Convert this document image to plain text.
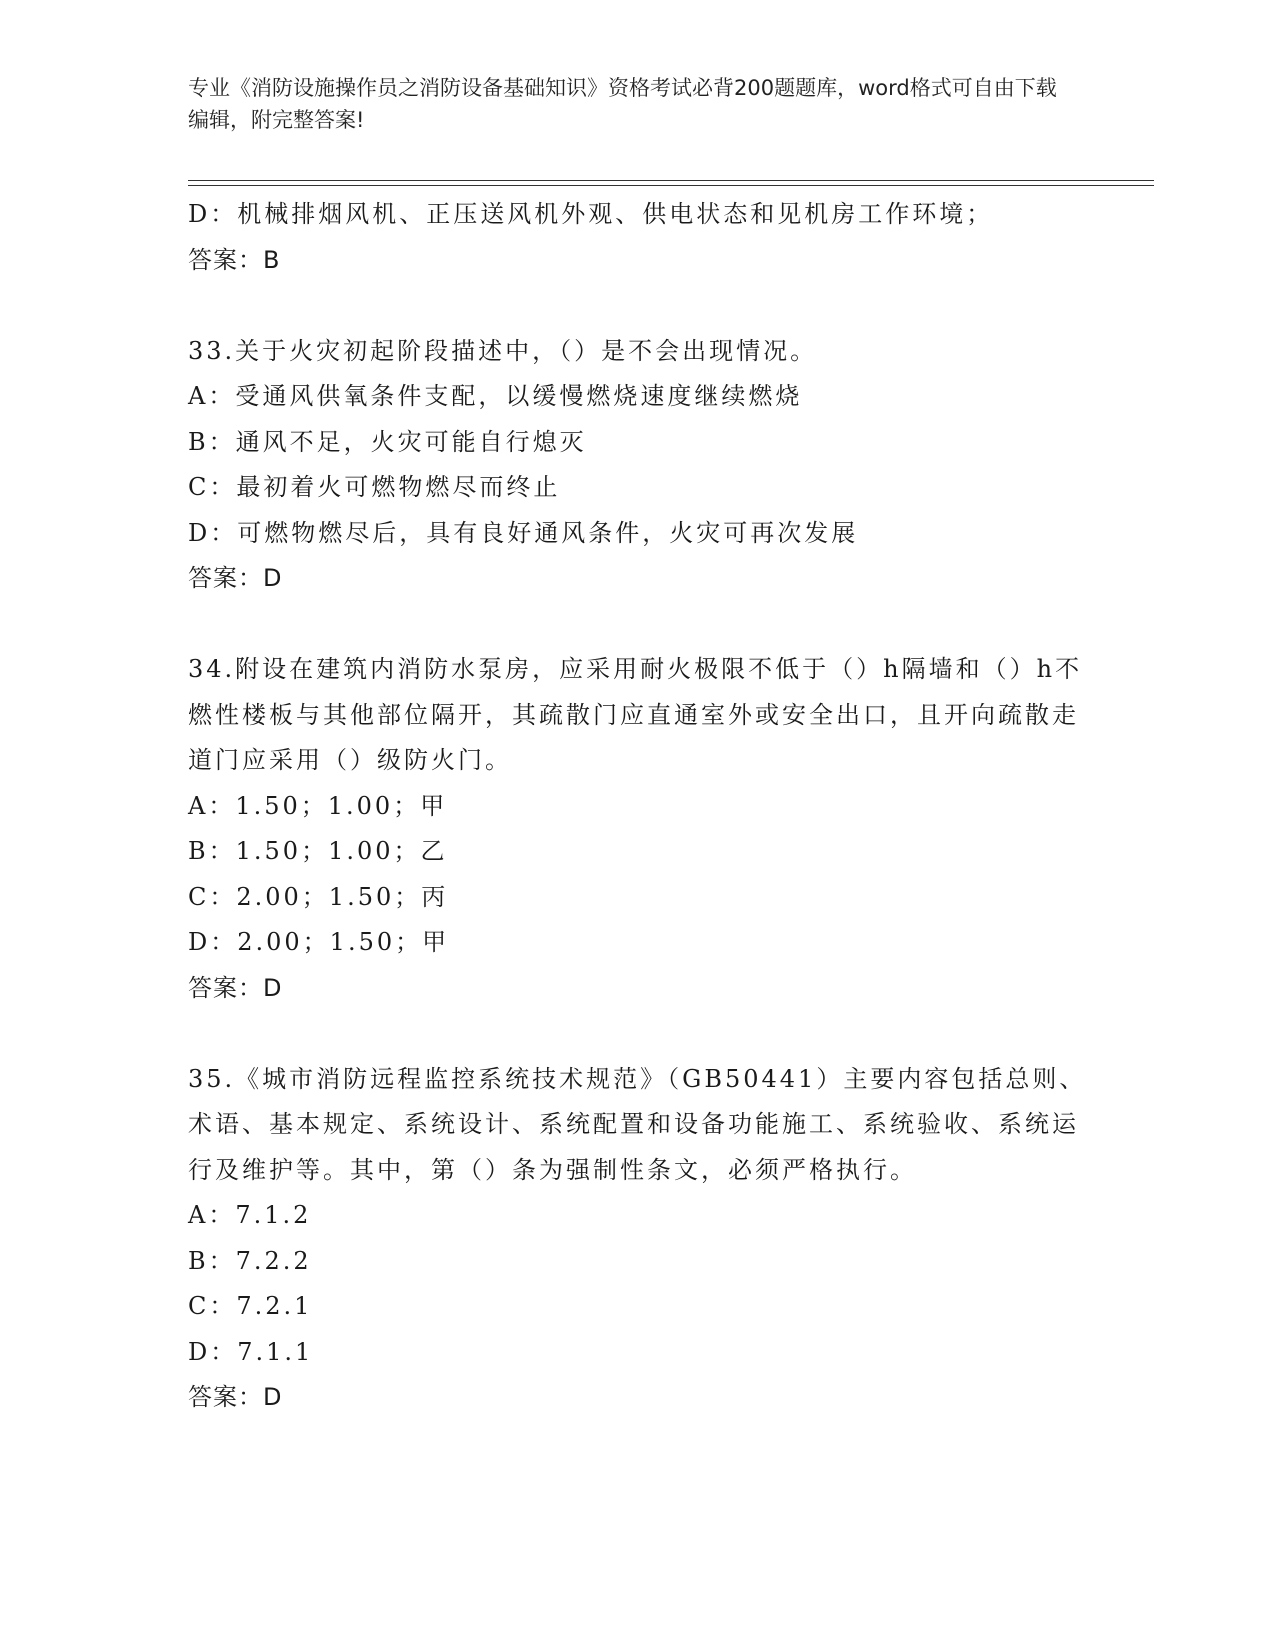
专业《消防设施操作员之消防设备基础知识》资格考试必背200题题库，word格式可自由下载编辑，附完整答案!
D：机械排烟风机、正压送风机外观、供电状态和见机房工作环境；
答案：B
33.关于火灾初起阶段描述中，（）是不会出现情况。
A：受通风供氧条件支配，以缓慢燃烧速度继续燃烧
B：通风不足，火灾可能自行熄灭
C：最初着火可燃物燃尽而终止
D：可燃物燃尽后，具有良好通风条件，火灾可再次发展
答案：D
34.附设在建筑内消防水泵房，应采用耐火极限不低于（）h隔墙和（）h不燃性楼板与其他部位隔开，其疏散门应直通室外或安全出口，且开向疏散走道门应采用（）级防火门。
A：1.50；1.00；甲
B：1.50；1.00；乙
C：2.00；1.50；丙
D：2.00；1.50；甲
答案：D
35.《城市消防远程监控系统技术规范》（GB50441）主要内容包括总则、术语、基本规定、系统设计、系统配置和设备功能施工、系统验收、系统运行及维护等。其中，第（）条为强制性条文，必须严格执行。
A：7.1.2
B：7.2.2
C：7.2.1
D：7.1.1
答案：D
